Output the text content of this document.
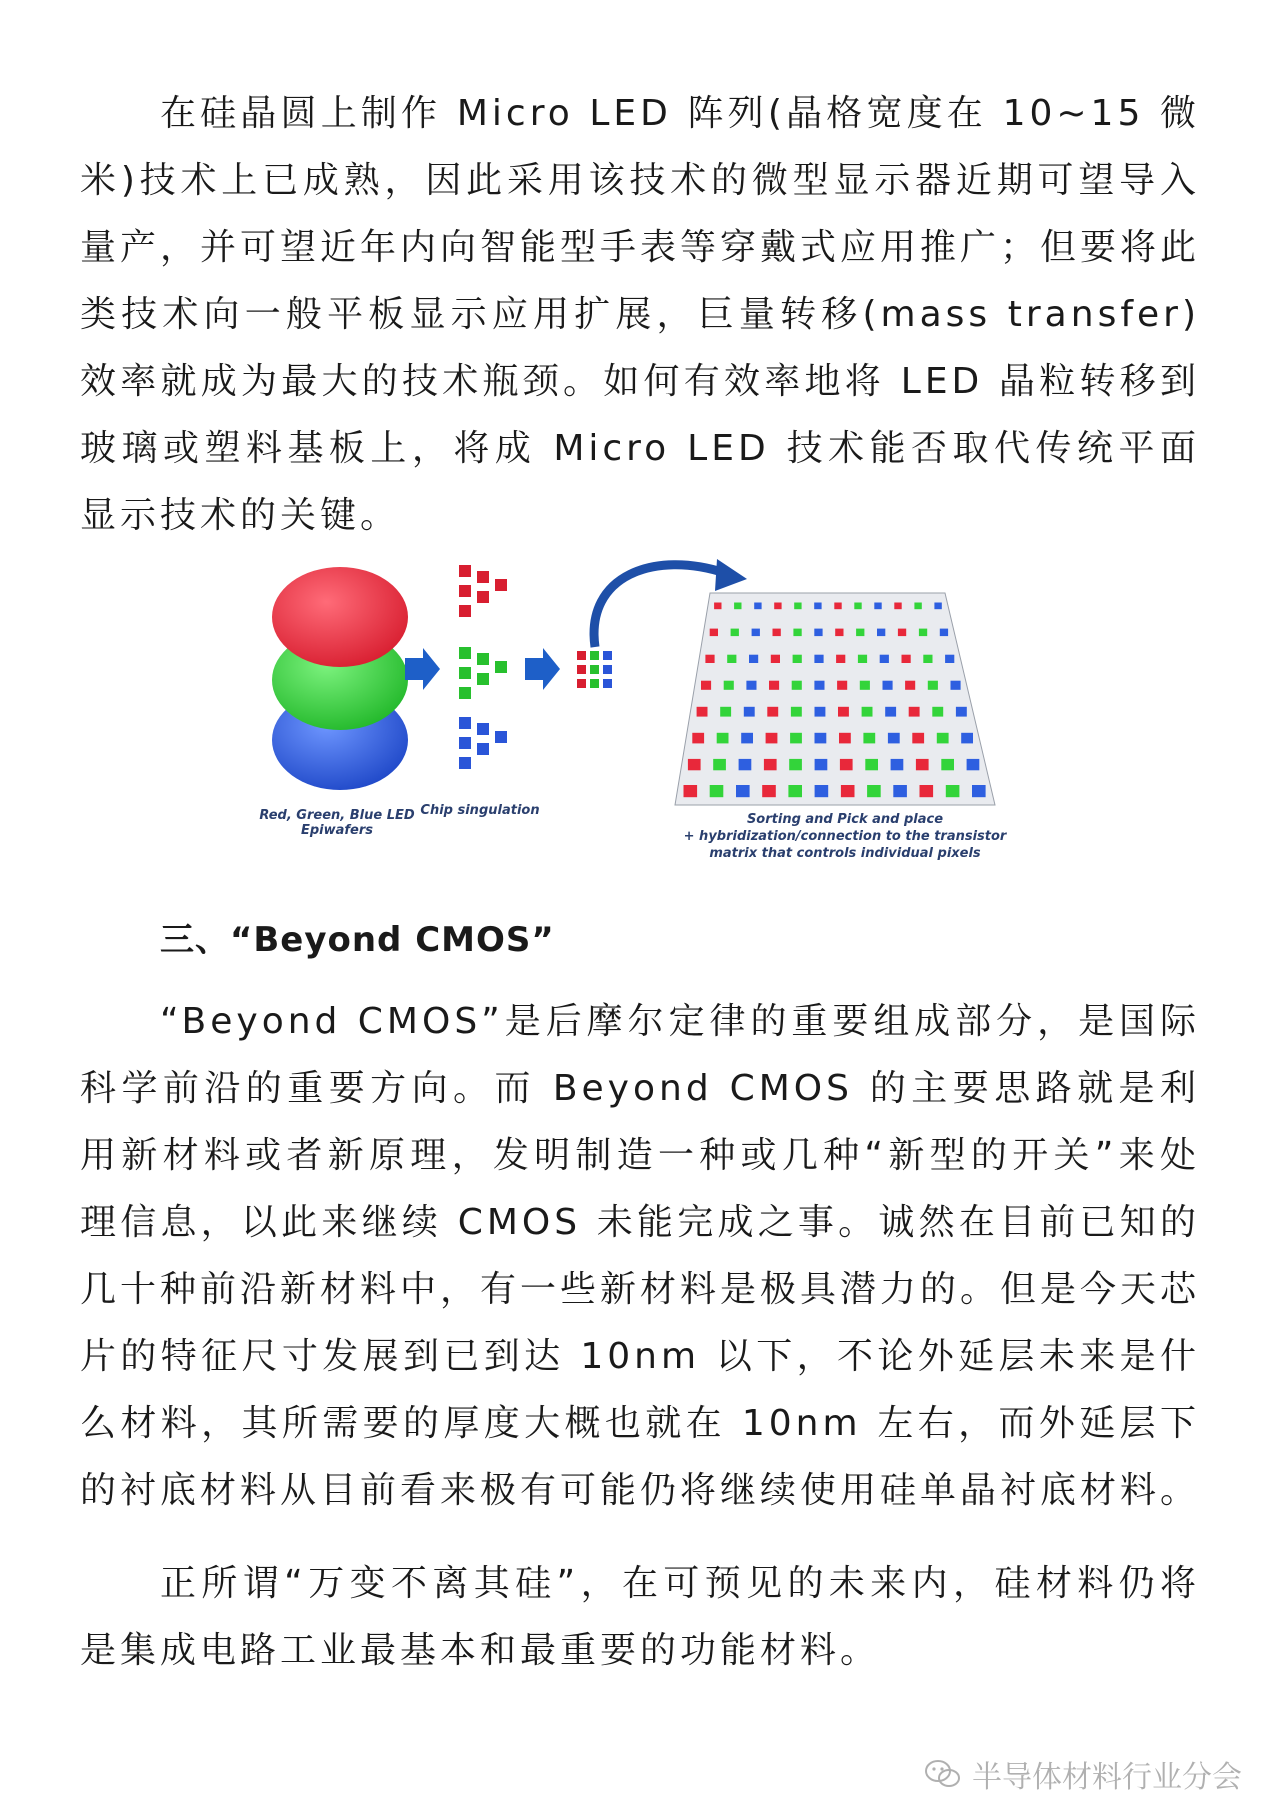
在硅晶圆上制作 Micro LED 阵列(晶格宽度在 10~15 微米)技术上已成熟，因此采用该技术的微型显示器近期可望导入量产，并可望近年内向智能型手表等穿戴式应用推广；但要将此类技术向一般平板显示应用扩展，巨量转移(mass transfer)效率就成为最大的技术瓶颈。如何有效率地将 LED 晶粒转移到玻璃或塑料基板上，将成 Micro LED 技术能否取代传统平面显示技术的关键。

Red, Green, Blue LED
Epiwafers
Chip singulation
Sorting and Pick and place
+ hybridization/connection to the transistor
matrix that controls individual pixels
三、“Beyond CMOS”

“Beyond CMOS”是后摩尔定律的重要组成部分，是国际科学前沿的重要方向。而 Beyond CMOS 的主要思路就是利用新材料或者新原理，发明制造一种或几种“新型的开关”来处理信息，以此来继续 CMOS 未能完成之事。诚然在目前已知的几十种前沿新材料中，有一些新材料是极具潜力的。但是今天芯片的特征尺寸发展到已到达 10nm 以下，不论外延层未来是什么材料，其所需要的厚度大概也就在 10nm 左右，而外延层下的衬底材料从目前看来极有可能仍将继续使用硅单晶衬底材料。

正所谓“万变不离其硅”，在可预见的未来内，硅材料仍将是集成电路工业最基本和最重要的功能材料。

半导体材料行业分会
